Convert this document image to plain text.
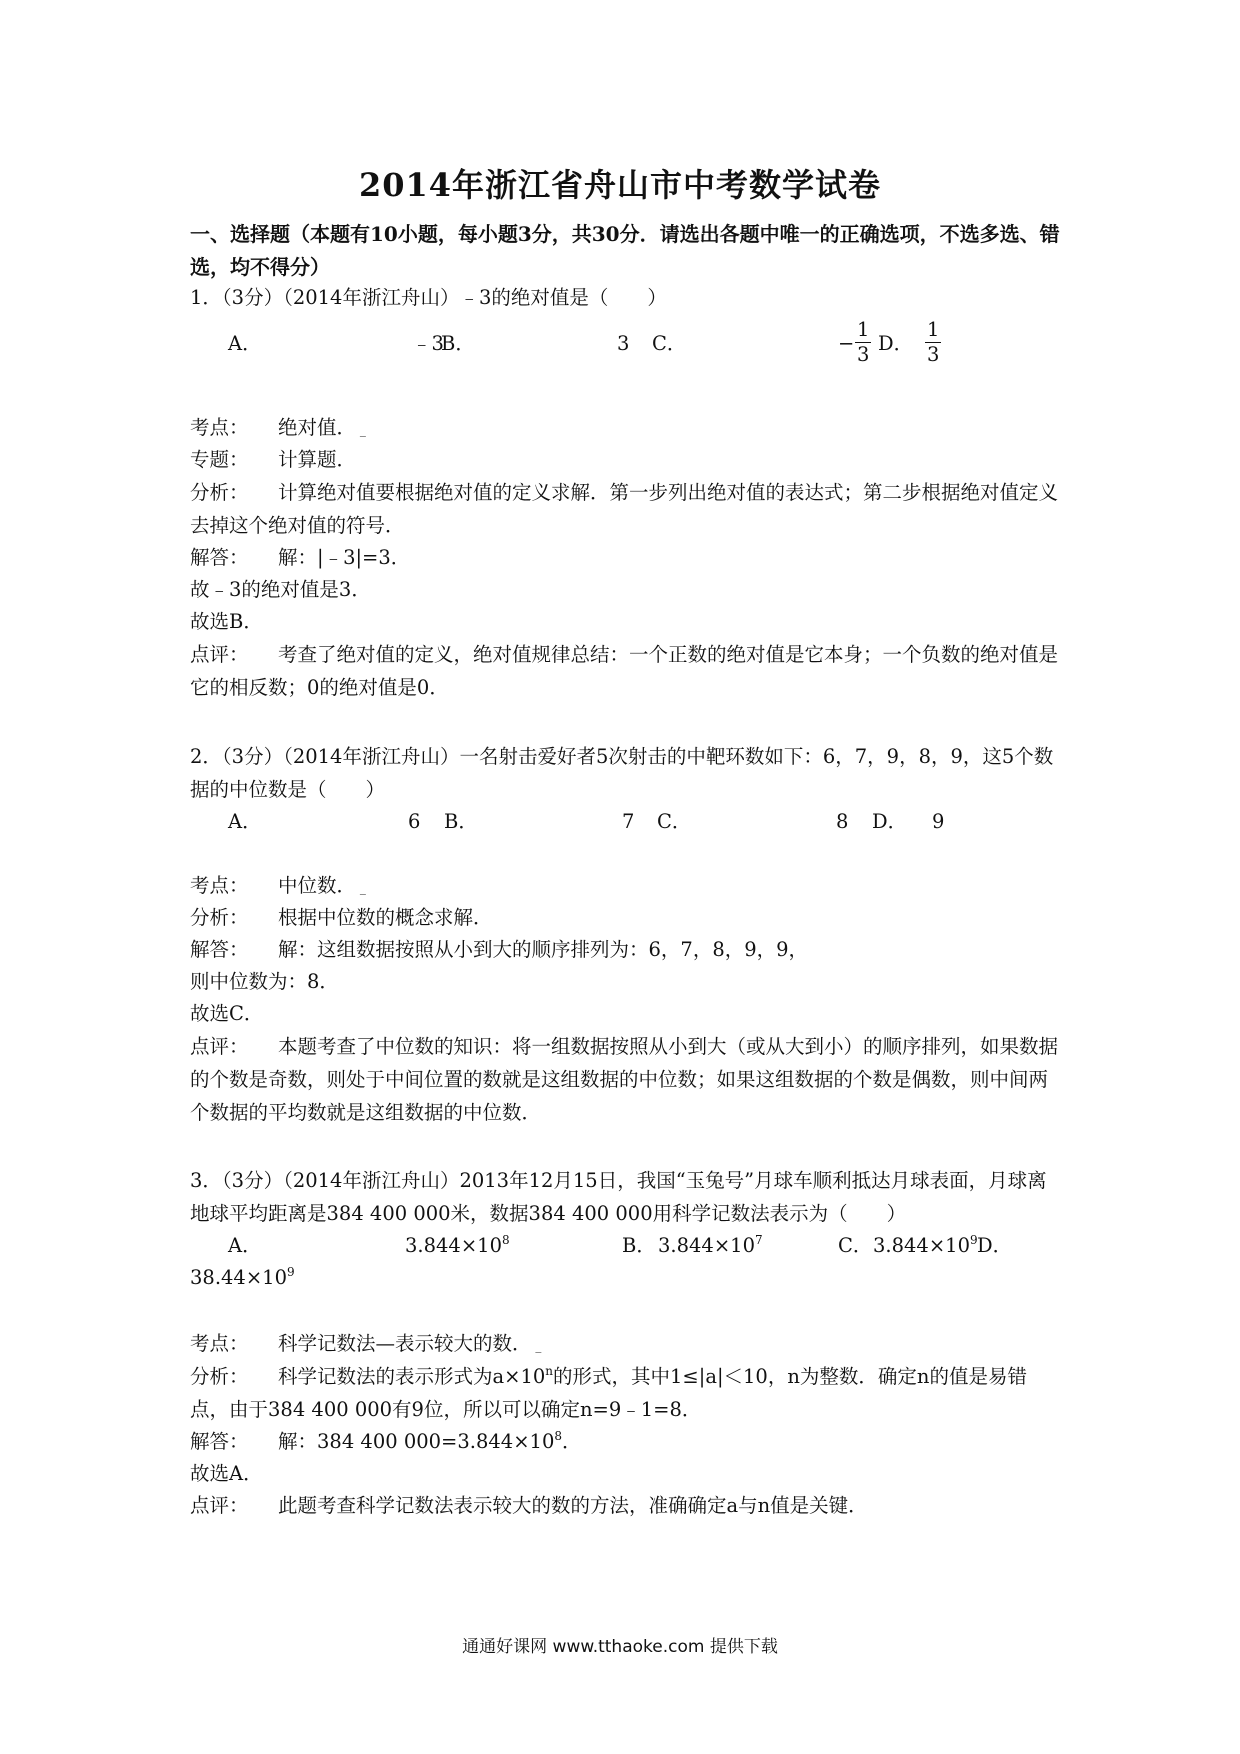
2014年浙江省舟山市中考数学试卷
一、选择题（本题有10小题，每小题3分，共30分．请选出各题中唯一的正确选项，不选多选、错选，均不得分）
1．（3分）（2014年浙江舟山）﹣3的绝对值是（　　）
A．	﹣3
B．	3 C．	− $\frac{1}{3}$ D． $\frac{1}{3}$
考点： 绝对值． _
专题： 计算题．
分析： 计算绝对值要根据绝对值的定义求解．第一步列出绝对值的表达式；第二步根据绝对值定义去掉这个绝对值的符号．
解答： 解：|﹣3|=3．
故﹣3的绝对值是3．
故选B．
点评： 考查了绝对值的定义，绝对值规律总结：一个正数的绝对值是它本身；一个负数的绝对值是它的相反数；0的绝对值是0．
2．（3分）（2014年浙江舟山）一名射击爱好者5次射击的中靶环数如下：6，7，9，8，9，这5个数据的中位数是（　　）
A．	6 B．	7 C．	8 D． 9
考点： 中位数． _
分析： 根据中位数的概念求解．
解答： 解：这组数据按照从小到大的顺序排列为：6，7，8，9，9，
则中位数为：8．
故选C．
点评： 本题考查了中位数的知识：将一组数据按照从小到大（或从大到小）的顺序排列，如果数据的个数是奇数，则处于中间位置的数就是这组数据的中位数；如果这组数据的个数是偶数，则中间两个数据的平均数就是这组数据的中位数．
3．（3分）（2014年浙江舟山）2013年12月15日，我国“玉兔号”月球车顺利抵达月球表面，月球离地球平均距离是384 400 000米，数据384 400 000用科学记数法表示为（　　）
A．	$3.844\times 10^8$	B． $3.844\times 10^7$	C． $3.844\times 10^9$ D．
$38.44\times 10^9$
考点： 科学记数法—表示较大的数． _
分析： 科学记数法的表示形式为$a\times 10^n$的形式，其中1≤|a|＜10，n为整数．确定n的值是易错点，由于384 400 000有9位，所以可以确定n=9﹣1=8．
解答： 解：384 400 $000=3.844\times 10^8$．
故选A．
点评： 此题考查科学记数法表示较大的数的方法，准确确定a与n值是关键．
通通好课网 www.tthaoke.com 提供下载
